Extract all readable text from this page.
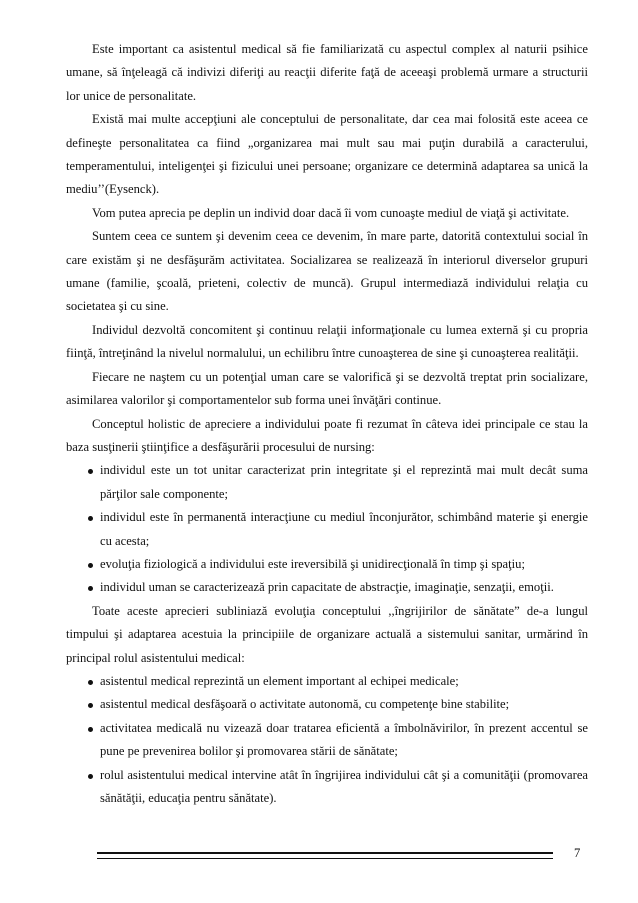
Este important ca asistentul medical să fie familiarizată cu aspectul complex al naturii psihice umane, să înţeleagă că indivizi diferiţi au reacţii diferite faţă de aceeaşi problemă urmare a structurii lor unice de personalitate.

Există mai multe accepţiuni ale conceptului de personalitate, dar cea mai folosită este aceea ce defineşte personalitatea ca fiind „organizarea mai mult sau mai puţin durabilă a caracterului, temperamentului, inteligenţei şi fizicului unei persoane; organizare ce determină adaptarea sa unică la mediu’’(Eysenck).

Vom putea aprecia pe deplin un individ doar dacă îi vom cunoaşte mediul de viaţă şi activitate.

Suntem ceea ce suntem şi devenim ceea ce devenim, în mare parte, datorită contextului social în care existăm şi ne desfăşurăm activitatea. Socializarea se realizează în interiorul diverselor grupuri umane (familie, şcoală, prieteni, colectiv de muncă). Grupul intermediază individului relaţia cu societatea şi cu sine.

Individul dezvoltă concomitent şi continuu relaţii informaţionale cu lumea externă şi cu propria fiinţă, întreţinând la nivelul normalului, un echilibru între cunoaşterea de sine şi cunoaşterea realităţii.

Fiecare ne naştem cu un potenţial uman care se valorifică şi se dezvoltă treptat prin socializare, asimilarea valorilor şi comportamentelor sub forma unei învăţări continue.

Conceptul holistic de apreciere a individului poate fi rezumat în câteva idei principale ce stau la baza susţinerii ştiinţifice a desfăşurării procesului de nursing:

individul este un tot unitar caracterizat prin integritate şi el reprezintă mai mult decât suma părţilor sale componente;
individul este în permanentă interacţiune cu mediul înconjurător, schimbând materie şi energie cu acesta;
evoluţia fiziologică a individului este ireversibilă şi unidirecţională în timp şi spaţiu;
individul uman se caracterizează prin capacitate de abstracţie, imaginaţie, senzaţii, emoţii.

Toate aceste aprecieri subliniază evoluţia conceptului ,,îngrijirilor de sănătate” de-a lungul timpului şi adaptarea acestuia la principiile de organizare actuală a sistemului sanitar, urmărind în principal rolul asistentului medical:

asistentul medical reprezintă un element important al echipei medicale;
asistentul medical desfăşoară o activitate autonomă, cu competenţe bine stabilite;
activitatea medicală nu vizează doar tratarea eficientă a îmbolnăvirilor, în prezent accentul se pune pe prevenirea bolilor şi promovarea stării de sănătate;
rolul asistentului medical intervine atât în îngrijirea individului cât şi a comunităţii (promovarea sănătăţii, educaţia pentru sănătate).
7
